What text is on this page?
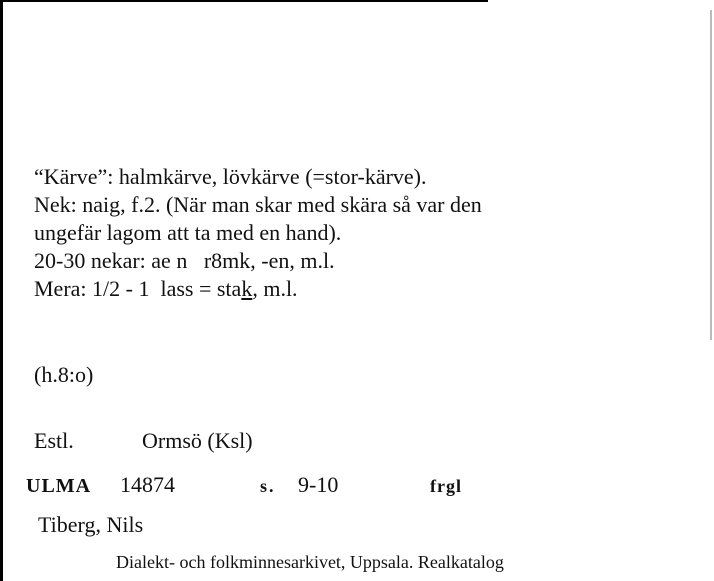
“Kärve”: halmkärve, lövkärve (=stor-kärve).
Nek: naig, f.2. (När man skar med skära så var den
ungefär lagom att ta med en hand).
20-30 nekar: ae n   r8mk, -en, m.l.
Mera: 1/2 - 1  lass = stak, m.l.
(h.8:o)
Estl.	Ormsö (Ksl)
ULMA 14874	s. 9-10	frgl
Tiberg, Nils
Dialekt- och folkminnesarkivet, Uppsala. Realkatalog
